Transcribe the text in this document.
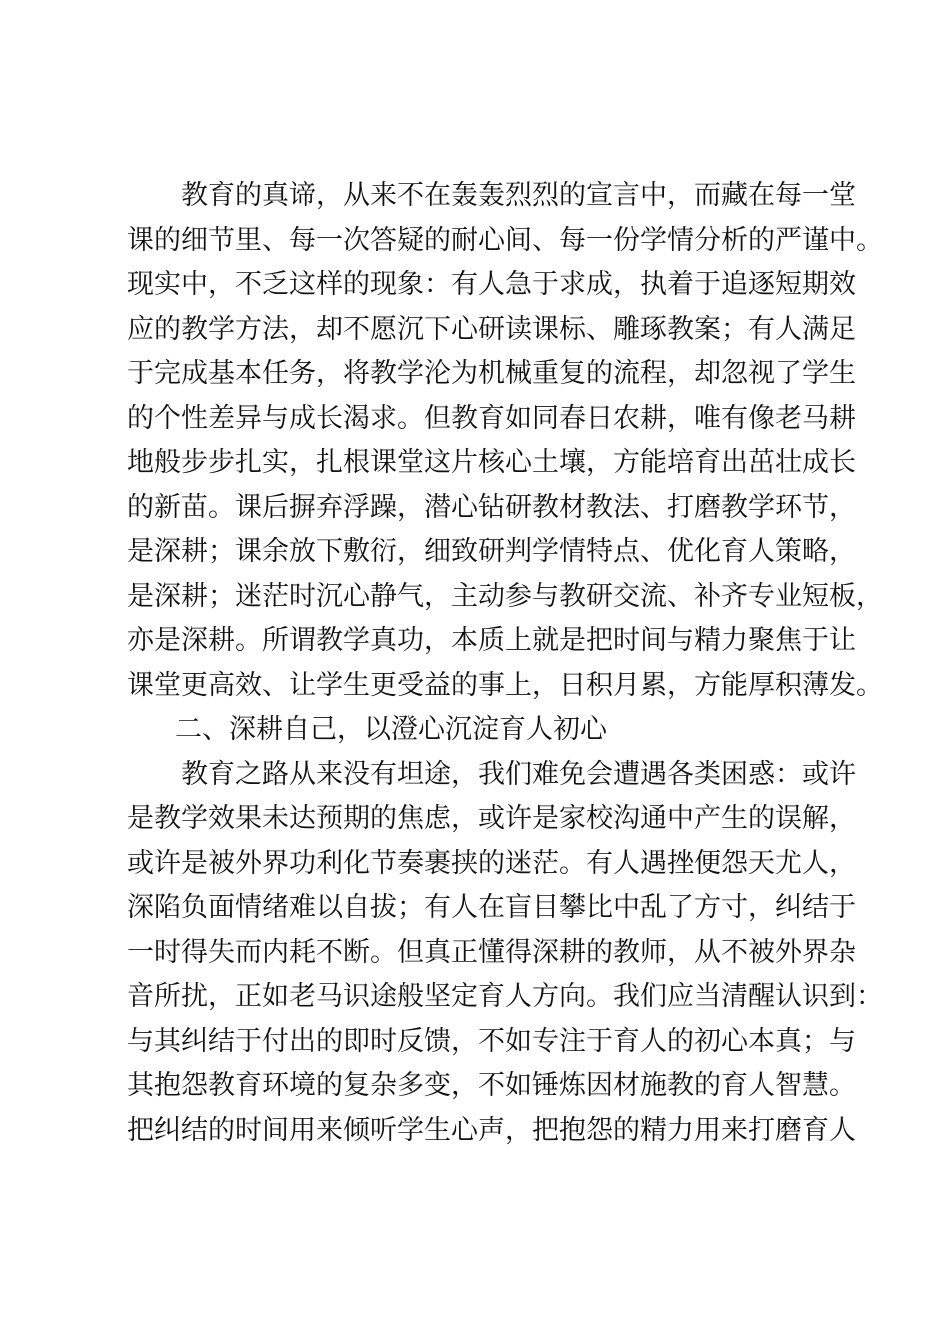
教育的真谛，从来不在轰轰烈烈的宣言中，而藏在每一堂
课的细节里、每一次答疑的耐心间、每一份学情分析的严谨中。
现实中，不乏这样的现象：有人急于求成，执着于追逐短期效
应的教学方法，却不愿沉下心研读课标、雕琢教案；有人满足
于完成基本任务，将教学沦为机械重复的流程，却忽视了学生
的个性差异与成长渴求。但教育如同春日农耕，唯有像老马耕
地般步步扎实，扎根课堂这片核心土壤，方能培育出茁壮成长
的新苗。课后摒弃浮躁，潜心钻研教材教法、打磨教学环节，
是深耕；课余放下敷衍，细致研判学情特点、优化育人策略，
是深耕；迷茫时沉心静气，主动参与教研交流、补齐专业短板，
亦是深耕。所谓教学真功，本质上就是把时间与精力聚焦于让
课堂更高效、让学生更受益的事上，日积月累，方能厚积薄发。
二、深耕自己，以澄心沉淀育人初心
教育之路从来没有坦途，我们难免会遭遇各类困惑：或许
是教学效果未达预期的焦虑，或许是家校沟通中产生的误解，
或许是被外界功利化节奏裹挟的迷茫。有人遇挫便怨天尤人，
深陷负面情绪难以自拔；有人在盲目攀比中乱了方寸，纠结于
一时得失而内耗不断。但真正懂得深耕的教师，从不被外界杂
音所扰，正如老马识途般坚定育人方向。我们应当清醒认识到：
与其纠结于付出的即时反馈，不如专注于育人的初心本真；与
其抱怨教育环境的复杂多变，不如锤炼因材施教的育人智慧。
把纠结的时间用来倾听学生心声，把抱怨的精力用来打磨育人
